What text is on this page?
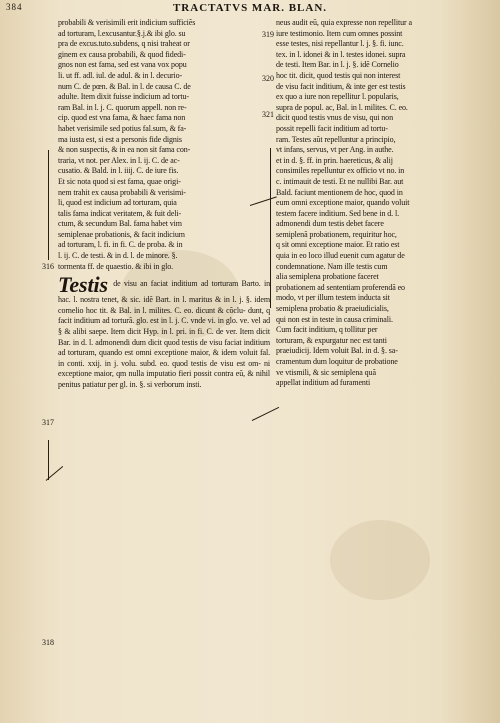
384	TRACTATVS MAR. BLAN.
316
317
318
319
320
321

probabili & verisimili erit indicium sufficiẽs

ad torturam, l.excusantur.§.j.& ibi glo. su

pra de excus.tuto.subdens, q nisi traheat or

ginem ex causa probabili, & quod fidedi-

gnos non est fama, sed est vana vox popu

li. ut ff. adl. iul. de adul. & in l. decurio-

num C. de pœn. & Bal. in l. de causa C. de

adulte. Item dixit fuisse indicium ad tortu-

ram Bal. in l. j. C. quorum appell. non re-

cip. quod est vna fama, & haec fama non

habet verisimile sed potius fal.sum, & fa-

ma iusta est, si est a personis fide dignis

& non suspectis, & in ea non sit fama con-

traria, vt not. per Alex. in l. ij. C. de ac-

cusatio. & Bald. in l. iiij. C. de iure fis.

Et sic nota quod si est fama, quae origi-

nem trahit ex causa probabili & verisimi-

li, quod est indicium ad torturam, quia

talis fama indicat veritatem, & fuit deli-

ctum, & secundum Bal. fama habet vim

semiplenae probationis, & facit indicium

ad torturam, l. fi. in fi. C. de proba. & in

l. ij. C. de testi. & in d. l. de minore. §.

tormenta ff. de quaestio. & ibi in glo.

Testis de visu an faciat inditium ad torturam Barto. in hac. l. nostra tenet, & sic. idẽ Bart. in l. maritus & in l. j. §. idem cornelio hoc tit. & Bal. in l. milites. C. eo. dicunt & cõclu- dunt, q facit inditium ad torturã. glo. est in l. j. C. vnde vi. in glo. ve. vel ad § & alibi saepe. Item dicit Hyp. in l. pri. in fi. C. de ver. Item dicit Bar. in d. l. admonendi dum dicit quod testis de visu faciat inditium ad torturam, quando est omni exceptione maior, & idem voluit fal. in conti. xxij. in j. volu. subd. eo. quod testis de visu est om- ni exceptione maior, qm nulla imputatio fieri possit contra eũ, & nihil penitus patiatur per gl. in. §. si verborum insti.

neus audit eũ, quia expresse non repellitur a

iure testimonio. Item cum omnes possint

esse testes, nisi repellantur l. j. §. fi. iunc.

tex. in l. idonei & in l. testes idonei. supra

de testi. Item Bar. in l. j. §. idẽ Cornelio

hoc tit. dicit, quod testis qui non interest

de visu facit inditium, & inte ger est testis

ex quo a iure non repellitur l. popularis,

supra de popul. ac, Bal. in l. milites. C. eo.

dicit quod testis vnus de visu, qui non

possit repelli facit inditium ad tortu-

ram. Testes aũt repelluntur a principio,

vt infans, servus, vt per Ang. in authe.

et in d. §. ff. in prin. haereticus, & alij

consimiles repelluntur ex officio vt no. in

c. intimauit de testi. Et ne nullibi Bar. aut

Bald. faciunt mentionem de hoc, quod in

eum omni exceptione maior, quando voluit

testem facere inditium. Sed bene in d. l.

admonendi dum testis debet facere

semiplenã probationem, requiritur hoc,

q sit omni exceptione maior. Et ratio est

quia in eo loco illud euenit cum agatur de

condemnatione. Nam ille testis cum

alia semiplena probatione faceret

probationem ad sententiam proferendã eo

modo, vt per illum testem inducta sit

semiplena probatio & praeiudicialis,

qui non est in teste in causa criminali.

Cum facit inditium, q tollitur per

torturam, & expurgatur nec est tanti

praeiudicij. Idem voluit Bal. in d. §. sa-

cramentum dum loquitur de probatione

ve vtismili, & sic semiplena quã

appellat inditium ad furamenti
